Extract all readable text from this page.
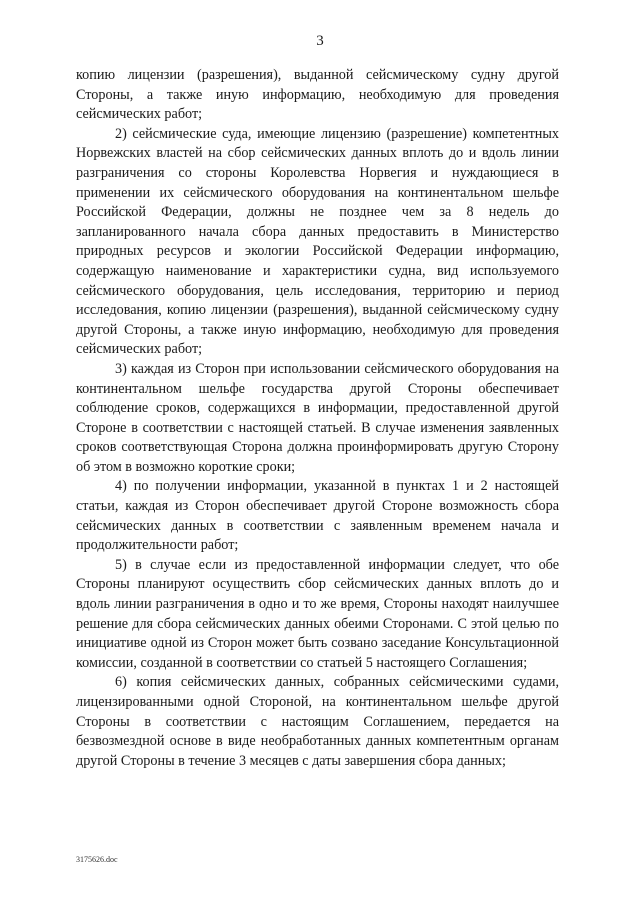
3

копию лицензии (разрешения), выданной сейсмическому судну другой Стороны, а также иную информацию, необходимую для проведения сейсмических работ;

2) сейсмические суда, имеющие лицензию (разрешение) компетентных Норвежских властей на сбор сейсмических данных вплоть до и вдоль линии разграничения со стороны Королевства Норвегия и нуждающиеся в применении их сейсмического оборудования на континентальном шельфе Российской Федерации, должны не позднее чем за 8 недель до запланированного начала сбора данных предоставить в Министерство природных ресурсов и экологии Российской Федерации информацию, содержащую наименование и характеристики судна, вид используемого сейсмического оборудования, цель исследования, территорию и период исследования, копию лицензии (разрешения), выданной сейсмическому судну другой Стороны, а также иную информацию, необходимую для проведения сейсмических работ;

3) каждая из Сторон при использовании сейсмического оборудования на континентальном шельфе государства другой Стороны обеспечивает соблюдение сроков, содержащихся в информации, предоставленной другой Стороне в соответствии с настоящей статьей. В случае изменения заявленных сроков соответствующая Сторона должна проинформировать другую Сторону об этом в возможно короткие сроки;

4) по получении информации, указанной в пунктах 1 и 2 настоящей статьи, каждая из Сторон обеспечивает другой Стороне возможность сбора сейсмических данных в соответствии с заявленным временем начала и продолжительности работ;

5) в случае если из предоставленной информации следует, что обе Стороны планируют осуществить сбор сейсмических данных вплоть до и вдоль линии разграничения в одно и то же время, Стороны находят наилучшее решение для сбора сейсмических данных обеими Сторонами. С этой целью по инициативе одной из Сторон может быть созвано заседание Консультационной комиссии, созданной в соответствии со статьей 5 настоящего Соглашения;

6) копия сейсмических данных, собранных сейсмическими судами, лицензированными одной Стороной, на континентальном шельфе другой Стороны в соответствии с настоящим Соглашением, передается на безвозмездной основе в виде необработанных данных компетентным органам другой Стороны в течение 3 месяцев с даты завершения сбора данных;

3175626.doc
